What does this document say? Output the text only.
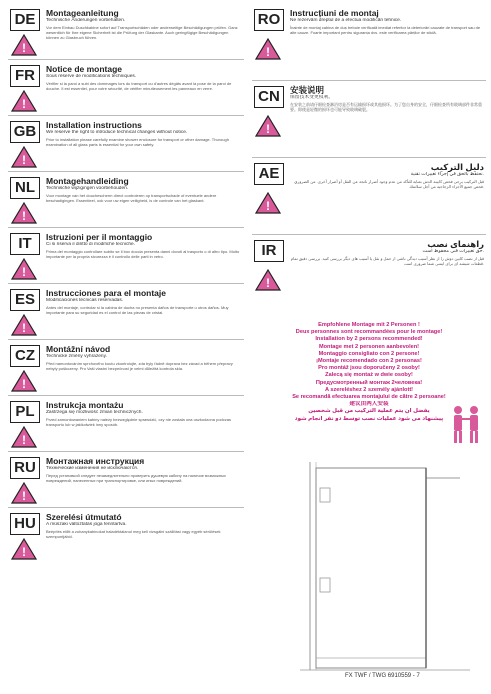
DE
!
Montageanleitung
Technische Änderungen vorbehalten.
Vor dem Einbau Duschkabine sofort auf Transportschäden oder anderweitige Beschädigungen prüfen. Ganz wesentlich für Ihre eigene Sicherheit ist die Prüfung der Glaskante. Auch geringfügige Beschädigungen können zu Glasbruch führen.
FR
!
Notice de montage
Sous réserve de modifications techniques.
Vérifier si la paroi a subi des dommages lors du transport ou d'autres dégâts avant la pose de la paroi de douche. Il est essentiel, pour votre sécurité, de vérifier minutieusement les panneaux en verre.
GB
!
Installation instructions
We reserve the right to introduce technical changes without notice.
Prior to installation please carefully examine shower enclosure for transport or other damage. Thorough examination of all glass parts is essential for your own safety.
NL
!
Montagehandleiding
Technische wijzigingen voorbehouden.
Voor montage van het douchescherm direct controleren op transportschade of eventuele andere beschadigingen. Essentieel, ook voor uw eigen veiligheid, is de controle van het glaskant.
IT
!
Istruzioni per il montaggio
Ci si riserva il diritto di modifiche tecniche.
Prima del montaggio controllare subito se il box doccia presenta danni dovuti al trasporto o di altro tipo. Molto importante per la propria sicurezza è il controllo delle parti in vetro.
ES
!
Instrucciones para el montaje
Modificaciones técnicas reservadas.
Antes del montaje, controlar si la cabina de ducha no presenta daños de transporte u otros daños. Muy importante para su seguridad es el control de las piezas de cristal.
CZ
!
Montážní návod
Technické změny vyhrazeny.
Před namontováním sprchového koutu zkontrolujte, zda byly řádně doprava bez závad a během přepravy nebyly poškozeny. Pro Vaši vlastní bezpečnost je velmi důležitá kontrola skla.
PL
!
Instrukcja montażu
Zastrzega się możliwość zmian technicznych.
Przed zamontowaniem kabiny należy bezwzględnie sprawdzić, czy nie została ona uszkodzona podczas transportu lub w jakikolwiek inny sposób.
RU
!
Монтажная инструкция
Технические изменения не исключаются.
Перед установкой следует незамедлительно проверить душевую кабину на наличие возможных повреждений, нанесенных при транспортировке, или иных повреждений.
HU
!
Szerelési útmutató
A műszaki változtatás joga fenntartva.
Beépítés előtt a zuhanykabinokat haladéktalanul meg kell vizsgálni szállítási vagy egyéb sérülések szempontjából.
RO
!
Instrucțiuni de montaj
Ne rezervăm dreptul de a efectua modificări tehnice.
Înainte de montaj cabina de duș trebuie verificată imediat referitor la deteriorări cauzate de transport sau de alte cauze. Foarte important pentru siguranța dvs. este verificarea părților de sticlă.
CN
!
安装说明
保留技术变更权利。
在安装之前请仔细检查淋浴房是否有运输损坏或其他损坏。为了您自身的安全，仔细检查所有玻璃部件非常重要。即使是轻微的损坏也可能导致玻璃破裂。
AE
!
دليل التركيب
نحتفظ بالحق في إجراء تغييرات تقنية.
قبل التركيب يرجى فحص كابينة الدش بعناية للتأكد من عدم وجود أضرار ناتجة عن النقل أو أضرار أخرى. من الضروري فحص جميع الأجزاء الزجاجية من أجل سلامتك.
IR
!
راهنمای نصب
حق تغییرات فنی محفوظ است.
قبل از نصب کابین دوش را از نظر آسیب دیدگی ناشی از حمل و نقل یا آسیب های دیگر بررسی کنید. بررسی دقیق تمام قطعات شیشه ای برای ایمنی شما ضروری است.
Empfohlene Montage mit 2 Personen !
Deux personnes sont recommandées pour le montage!
Installation by 2 persons recommended!
Montage met 2 personen aanbevolen!
Montaggio consigliato con 2 persone!
¡Montaje recomendado con 2 personas!
Pro montáž jsou doporučeny 2 osoby!
Zalecą się montaż w dwie osoby!
Предусмотренный монтаж 2человека!
A szereléshez 2 személy ajánlott!
Se recomandă efectuarea montajului de către 2 persoane!
建议由两人安装
يفضل أن يتم عملية التركيب من قبل شخصين
پیشنهاد می شود عملیات نصب توسط دو نفر انجام شود
FX TWF / TWG 6910559 - 7
